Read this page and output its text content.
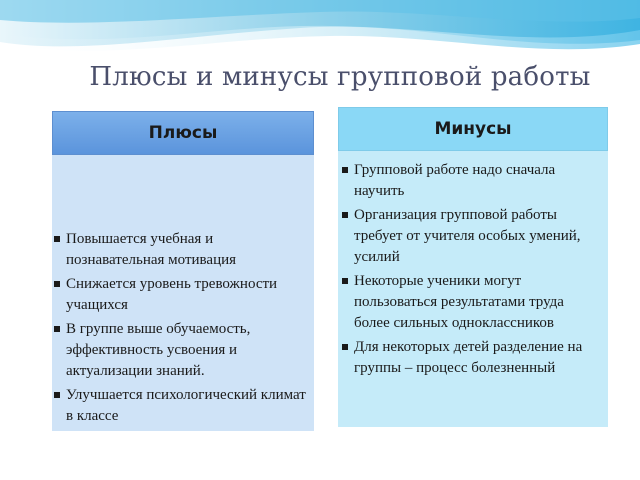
Плюсы и минусы групповой работы
Плюсы
Повышается учебная и познавательная мотивация
Снижается уровень тревожности учащихся
В группе выше обучаемость, эффективность усвоения и актуализации знаний.
Улучшается психологический климат в классе
Минусы
Групповой работе надо сначала научить
Организация групповой работы требует от учителя особых умений, усилий
Некоторые ученики могут пользоваться результатами труда более сильных одноклассников
Для некоторых детей разделение на группы – процесс болезненный
